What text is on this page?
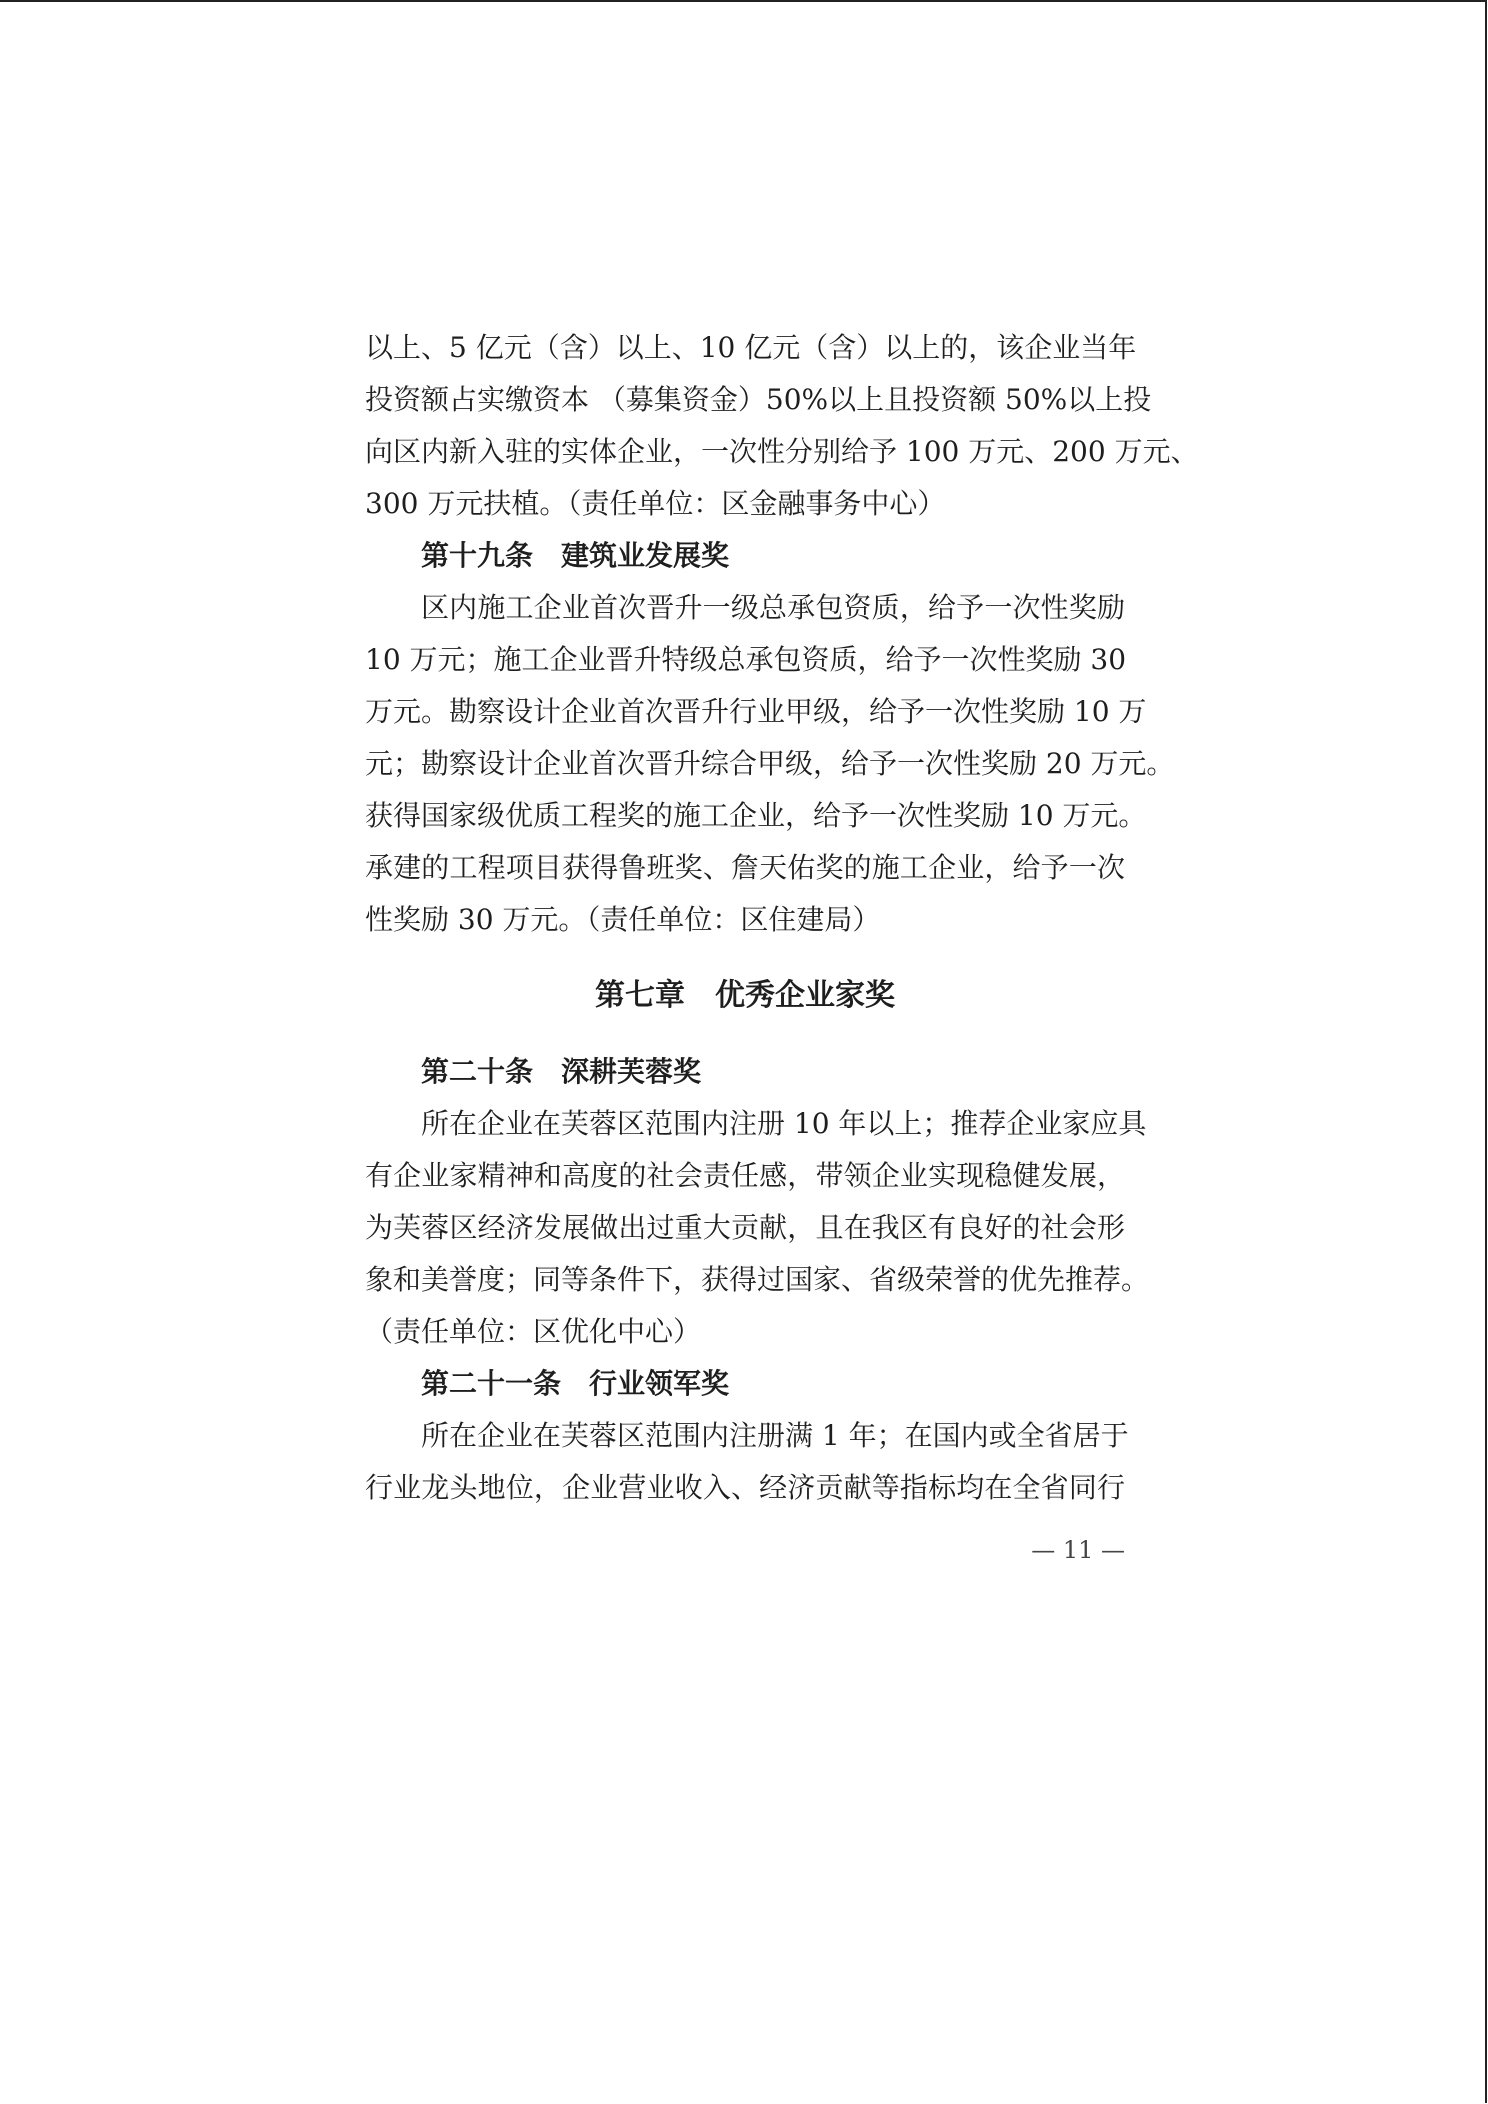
以上、5 亿元（含）以上、10 亿元（含）以上的，该企业当年
投资额占实缴资本 （募集资金）50%以上且投资额 50%以上投
向区内新入驻的实体企业，一次性分别给予 100 万元、200 万元、
300 万元扶植。（责任单位：区金融事务中心）
第十九条　建筑业发展奖
区内施工企业首次晋升一级总承包资质，给予一次性奖励
10 万元；施工企业晋升特级总承包资质，给予一次性奖励 30
万元。勘察设计企业首次晋升行业甲级，给予一次性奖励 10 万
元；勘察设计企业首次晋升综合甲级，给予一次性奖励 20 万元。
获得国家级优质工程奖的施工企业，给予一次性奖励 10 万元。
承建的工程项目获得鲁班奖、詹天佑奖的施工企业，给予一次
性奖励 30 万元。（责任单位：区住建局）
第七章　优秀企业家奖
第二十条　深耕芙蓉奖
所在企业在芙蓉区范围内注册 10 年以上；推荐企业家应具
有企业家精神和高度的社会责任感，带领企业实现稳健发展，
为芙蓉区经济发展做出过重大贡献，且在我区有良好的社会形
象和美誉度；同等条件下，获得过国家、省级荣誉的优先推荐。
（责任单位：区优化中心）
第二十一条　行业领军奖
所在企业在芙蓉区范围内注册满 1 年；在国内或全省居于
行业龙头地位，企业营业收入、经济贡献等指标均在全省同行
— 11 —
